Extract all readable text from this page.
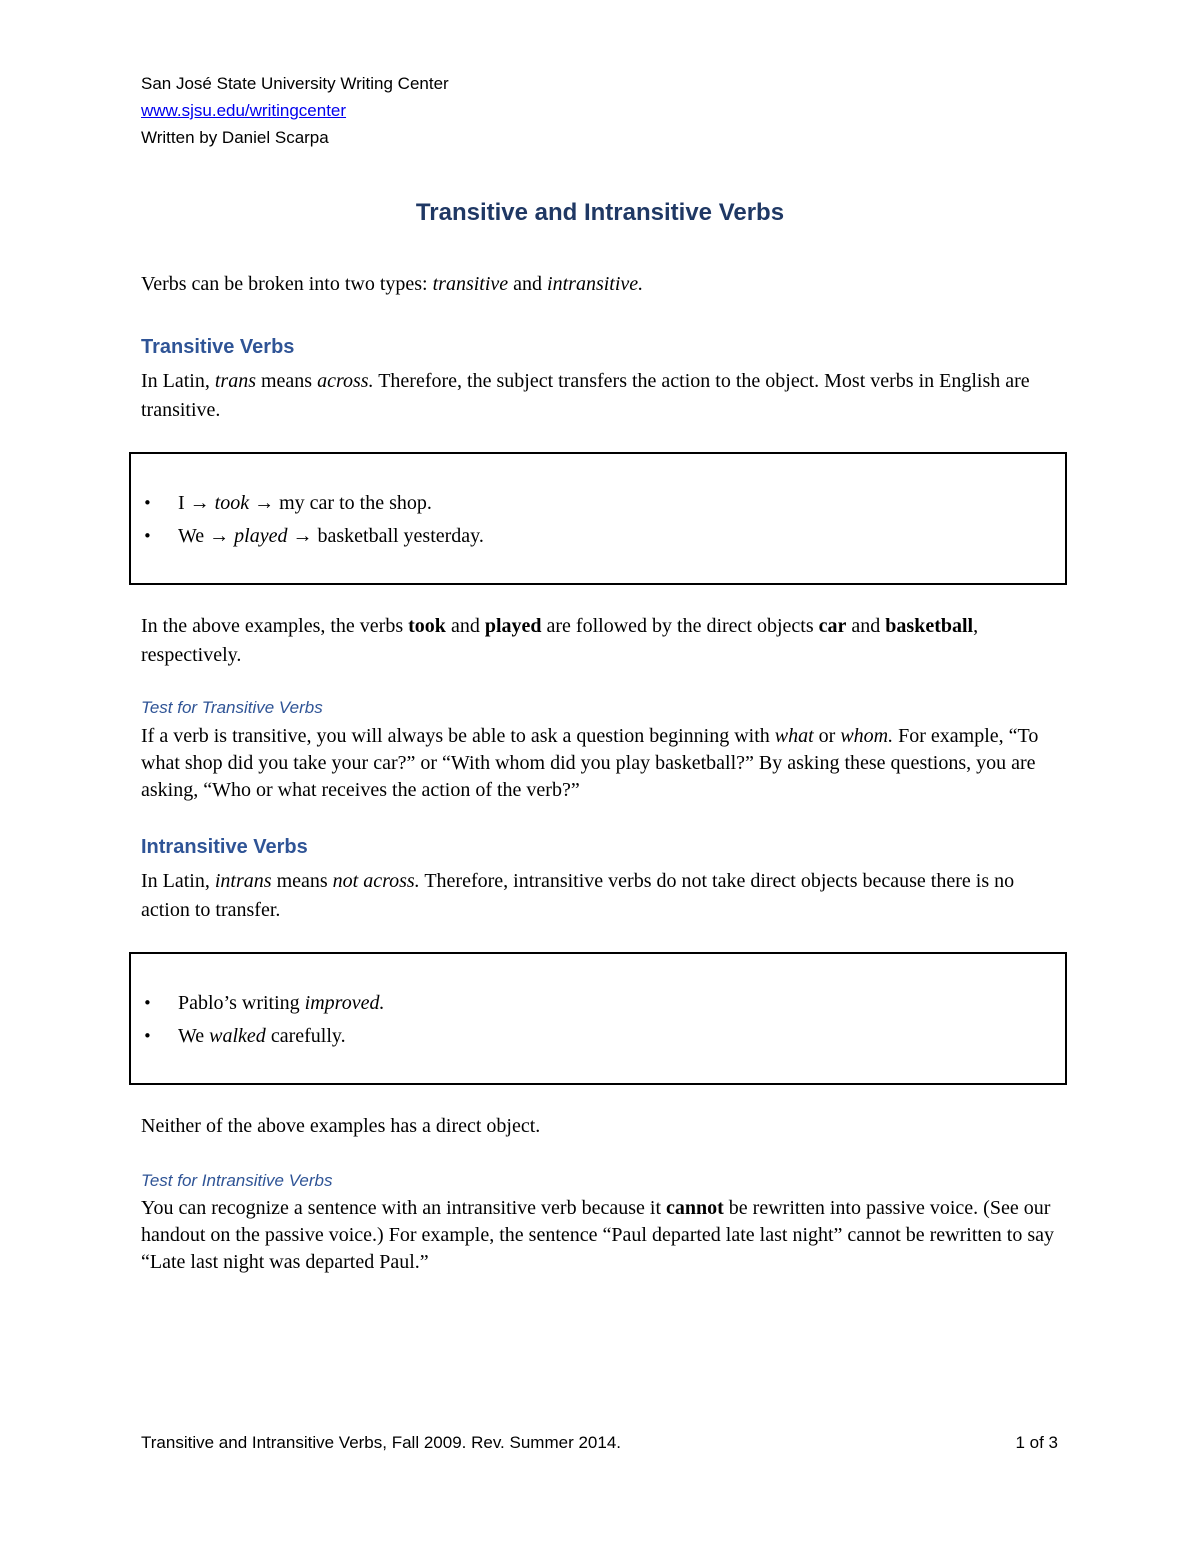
San José State University Writing Center
www.sjsu.edu/writingcenter
Written by Daniel Scarpa
Transitive and Intransitive Verbs
Verbs can be broken into two types: transitive and intransitive.
Transitive Verbs
In Latin, trans means across. Therefore, the subject transfers the action to the object. Most verbs in English are transitive.
• I → took → my car to the shop.
• We → played → basketball yesterday.
In the above examples, the verbs took and played are followed by the direct objects car and basketball, respectively.
Test for Transitive Verbs
If a verb is transitive, you will always be able to ask a question beginning with what or whom. For example, “To what shop did you take your car?” or “With whom did you play basketball?” By asking these questions, you are asking, “Who or what receives the action of the verb?”
Intransitive Verbs
In Latin, intrans means not across. Therefore, intransitive verbs do not take direct objects because there is no action to transfer.
• Pablo’s writing improved.
• We walked carefully.
Neither of the above examples has a direct object.
Test for Intransitive Verbs
You can recognize a sentence with an intransitive verb because it cannot be rewritten into passive voice. (See our handout on the passive voice.) For example, the sentence “Paul departed late last night” cannot be rewritten to say “Late last night was departed Paul.”
Transitive and Intransitive Verbs, Fall 2009. Rev. Summer 2014.	1 of 3
